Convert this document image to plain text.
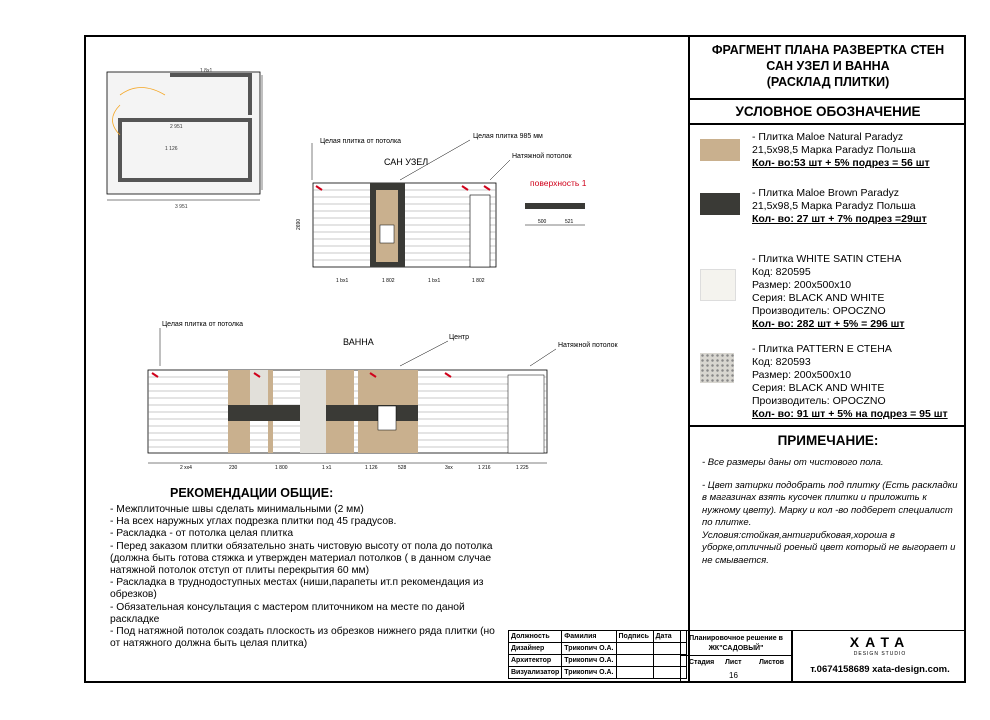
ФРАГМЕНТ ПЛАНА РАЗВЕРТКА СТЕН
САН УЗЕЛ И ВАННА
(РАСКЛАД ПЛИТКИ)
УСЛОВНОЕ ОБОЗНАЧЕНИЕ
- Плитка Maloe Natural Paradyz
21,5х98,5 Марка Paradyz Польша
Кол- во:53 шт + 5% подрез = 56 шт
- Плитка Maloe Brown Paradyz
21,5х98,5 Марка Paradyz Польша
Кол- во: 27 шт + 7% подрез =29шт
- Плитка WHITE SATIN СТЕНА
Код: 820595
Размер: 200х500х10
Серия: BLACK AND WHITE
Производитель: OPOCZNO
Кол- во: 282 шт + 5% = 296 шт
- Плитка PATTERN E СТЕНА
Код: 820593
Размер: 200х500х10
Серия: BLACK AND WHITE
Производитель: OPOCZNO
Кол- во: 91 шт + 5% на подрез = 95 шт
ПРИМЕЧАНИЕ:

- Все размеры даны от чистового пола.

- Цвет затирки подобрать под плитку (Есть раскладки в магазинах взять кусочек плитки и приложить к нужному цвету). Марку и кол -во подберет специалист по плитке.

Условия:стойкая,антигрибковая,хороша в уборке,отличный роеный цвет который не выгорает и не смывается.

1 8x1
3 951
1 126
2 951
САН УЗЕЛ
Целая плитка от потолка
Целая плитка 985 мм
Натяжной потолок
2690
1 bx1	1 802	1 bx1	1 802
поверхность 1
500	521
ВАННА
Целая плитка от потолка
Центр
Натяжной потолок
2 xx4	230	1 800	1 x1	1 126	528	3xx	1 216	1 225
РЕКОМЕНДАЦИИ ОБЩИЕ:
- Межплиточные швы сделать минимальными (2 мм)
- На всех наружных углах подрезка плитки под 45 градусов.
- Раскладка - от потолка целая плитка
- Перед заказом плитки обязательно знать чистовую высоту от пола до потолка (должна быть готова стяжка и утвержден материал потолков ( в данном случае натяжной потолок отступ от плиты перекрытия 60 мм)
- Раскладка в труднодоступных местах (ниши,парапеты ит.п рекомендация из обрезков)
- Обязательная консультация с мастером плиточником на месте по даной раскладке
- Под натяжной потолок создать плоскость из обрезков нижнего ряда плитки (но от натяжного должна быть целая плитка)
Должность	Фамилия	Подпись	Дата
Дизайнер	Трикопич О.А.		
Архитектор	Трикопич О.А.		
Визуализатор	Трикопич О.А.		
Планировочное решение в ЖК"САДОВЫЙ"
Стадия Лист Листов
16
ХАТА
DESIGN STUDIO
т.0674158689 xata-design.com.
